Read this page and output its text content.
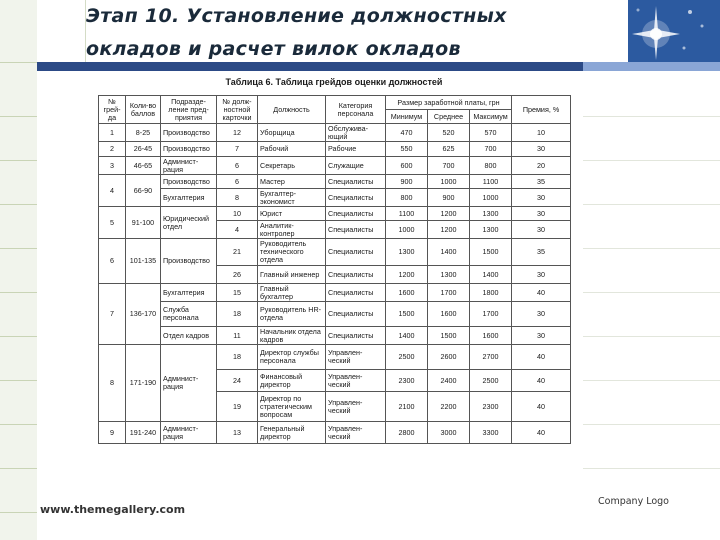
Этап 10. Установление должностных
окладов и расчет вилок окладов
Таблица 6. Таблица грейдов оценки должностей
№ грей- да	Коли-во баллов	Подразде- ление пред- приятия	№ долж- ностной карточки	Должность	Категория персонала	Размер заработной платы, грн			Премия, %
						Минимум	Среднее	Максимум	
1	8-25	Производство	12	Уборщица	Обслужива- ющий	470	520	570	10
2	26-45	Производство	7	Рабочий	Рабочие	550	625	700	30
3	46-65	Админист- рация	6	Секретарь	Служащие	600	700	800	20
4	66-90	Производство	6	Мастер	Специалисты	900	1000	1100	35
		Бухгалтерия	8	Бухгалтер- экономист	Специалисты	800	900	1000	30
5	91-100	Юридический отдел	10	Юрист	Специалисты	1100	1200	1300	30
			4	Аналитик- контролер	Специалисты	1000	1200	1300	30
6	101-135	Производство	21	Руководитель технического отдела	Специалисты	1300	1400	1500	35
			26	Главный инженер	Специалисты	1200	1300	1400	30
7	136-170	Бухгалтерия	15	Главный бухгалтер	Специалисты	1600	1700	1800	40
		Служба персонала	18	Руководитель HR-отдела	Специалисты	1500	1600	1700	30
		Отдел кадров	11	Начальник отдела кадров	Специалисты	1400	1500	1600	30
8	171-190	Админист- рация	18	Директор службы персонала	Управлен- ческий	2500	2600	2700	40
			24	Финансовый директор	Управлен- ческий	2300	2400	2500	40
			19	Директор по стратегическим вопросам	Управлен- ческий	2100	2200	2300	40
9	191-240	Админист- рация	13	Генеральный директор	Управлен- ческий	2800	3000	3300	40
www.themegallery.com
Company Logo
